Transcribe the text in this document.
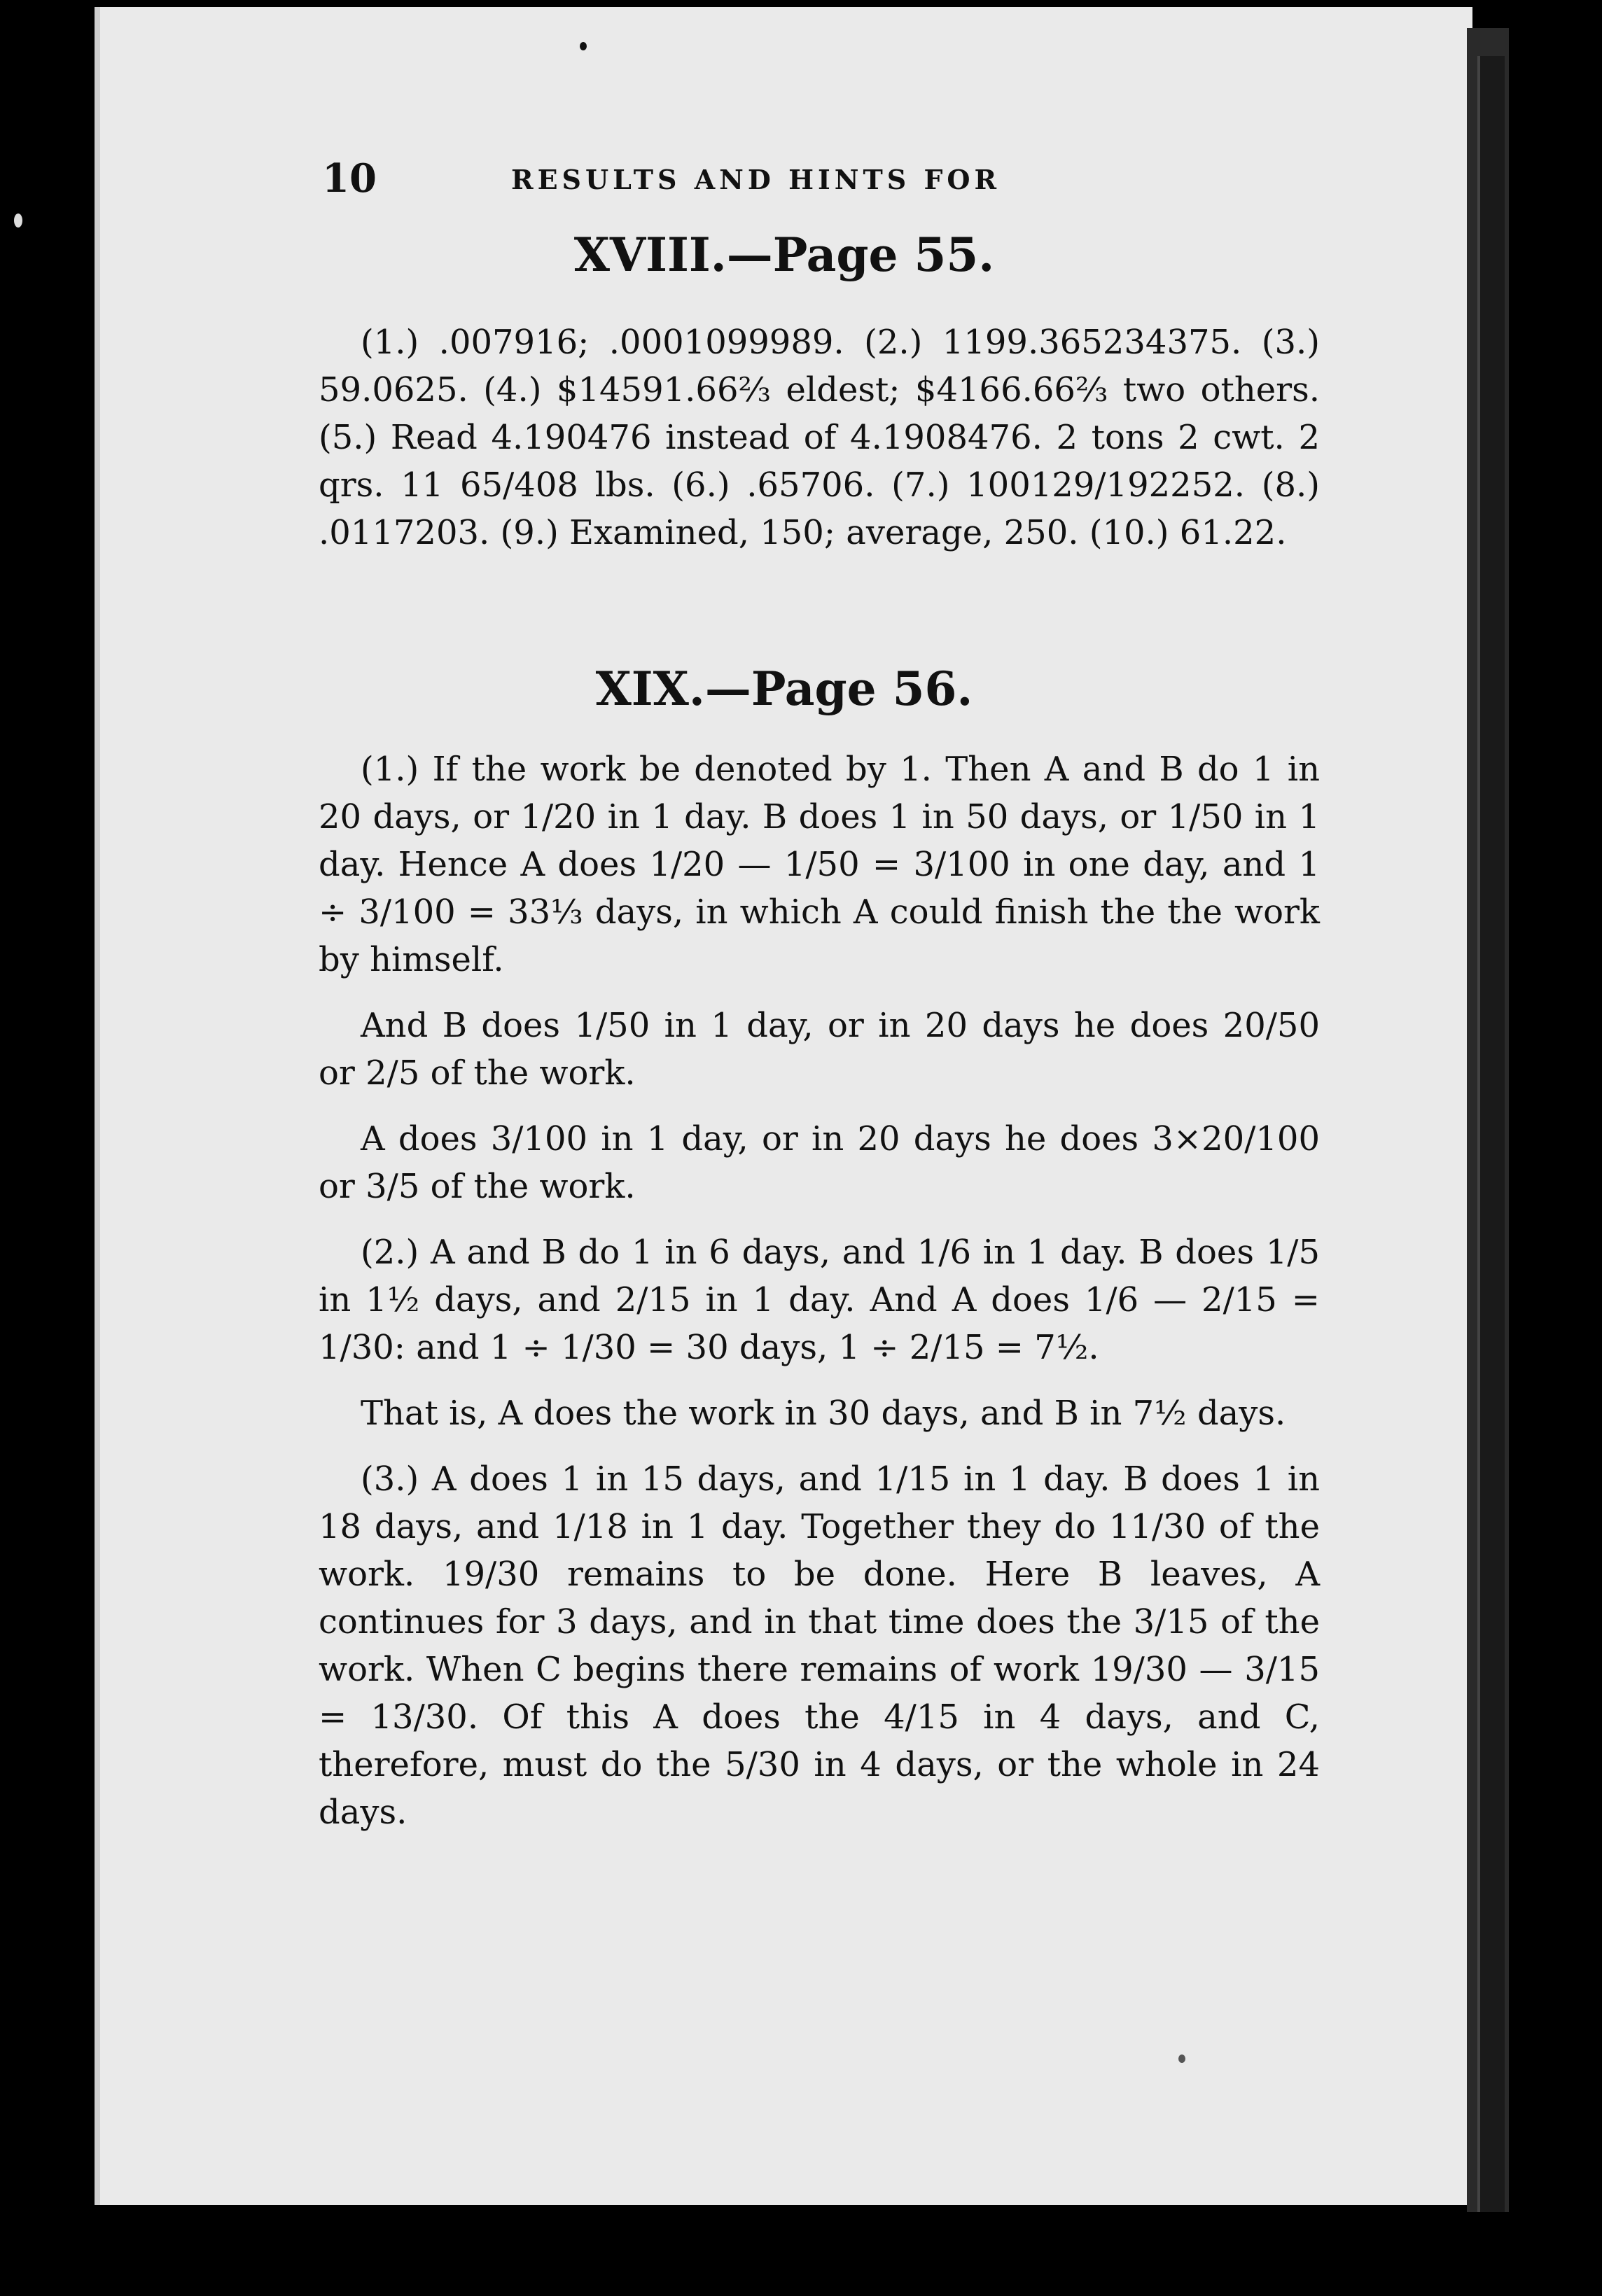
10	RESULTS AND HINTS FOR
XVIII.—Page 55.

(1.) .007916; .0001099989. (2.) 1199.365234375. (3.) 59.0625. (4.) $14591.66⅔ eldest; $4166.66⅔ two others. (5.) Read 4.190476 instead of 4.1908476. 2 tons 2 cwt. 2 qrs. 11 65/408 lbs. (6.) .65706. (7.) 100129/192252. (8.) .0117203. (9.) Examined, 150; average, 250. (10.) 61.22.

XIX.—Page 56.

(1.) If the work be denoted by 1. Then A and B do 1 in 20 days, or 1/20 in 1 day. B does 1 in 50 days, or 1/50 in 1 day. Hence A does 1/20 — 1/50 = 3/100 in one day, and 1 ÷ 3/100 = 33⅓ days, in which A could finish the the work by himself.

And B does 1/50 in 1 day, or in 20 days he does 20/50 or 2/5 of the work.

A does 3/100 in 1 day, or in 20 days he does 3×20/100 or 3/5 of the work.

(2.) A and B do 1 in 6 days, and 1/6 in 1 day. B does 1/5 in 1½ days, and 2/15 in 1 day. And A does 1/6 — 2/15 = 1/30: and 1 ÷ 1/30 = 30 days, 1 ÷ 2/15 = 7½.

That is, A does the work in 30 days, and B in 7½ days.

(3.) A does 1 in 15 days, and 1/15 in 1 day. B does 1 in 18 days, and 1/18 in 1 day. Together they do 11/30 of the work. 19/30 remains to be done. Here B leaves, A continues for 3 days, and in that time does the 3/15 of the work. When C begins there remains of work 19/30 — 3/15 = 13/30. Of this A does the 4/15 in 4 days, and C, therefore, must do the 5/30 in 4 days, or the whole in 24 days.
